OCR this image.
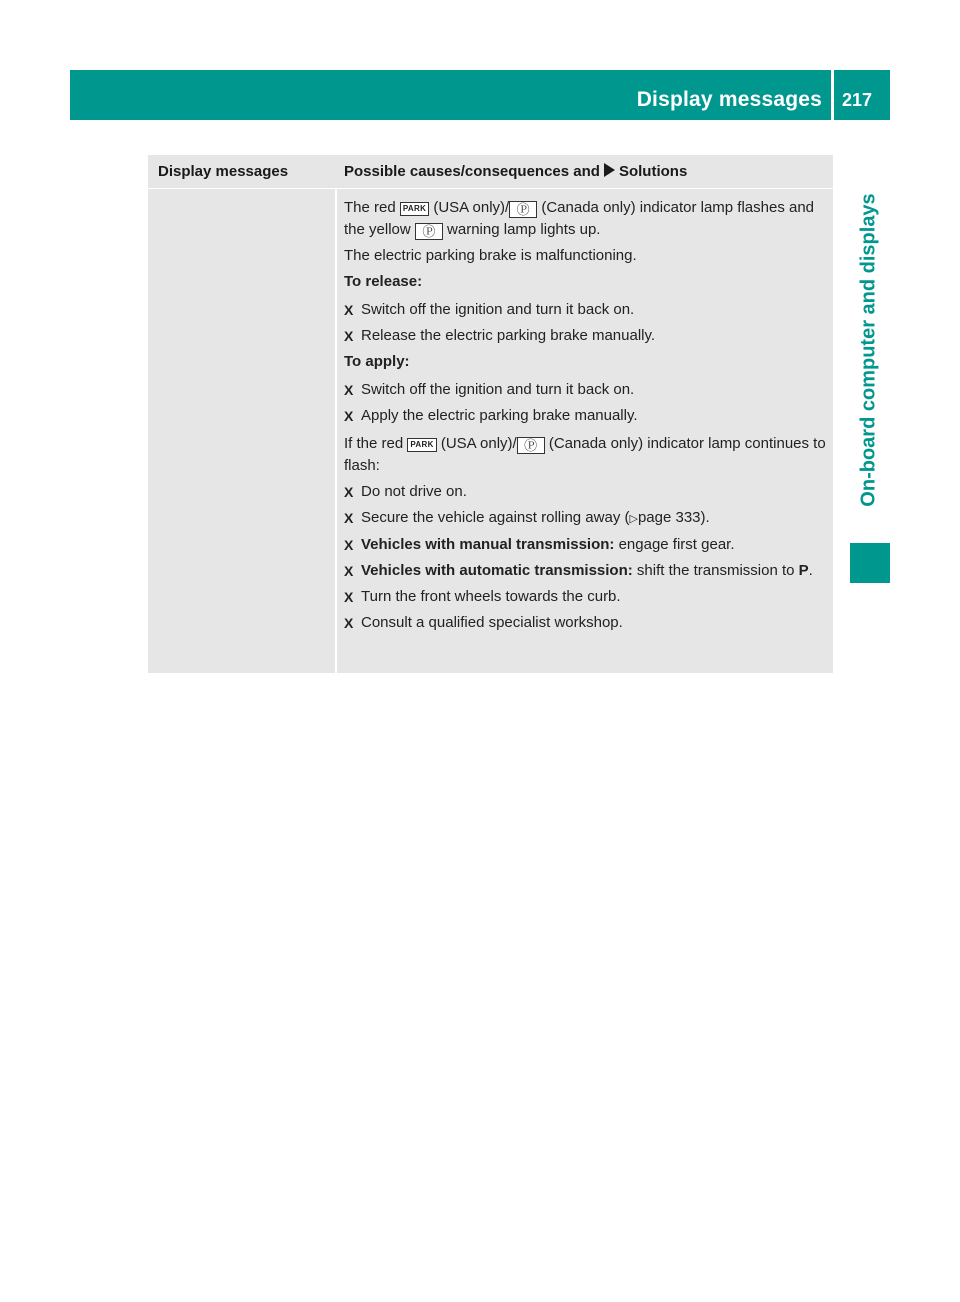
Display messages 217
On-board computer and displays
Display messages	Possible causes/consequences and Solutions

The red PARK (USA only)/ Ⓟ (Canada only) indicator lamp flashes and the yellow Ⓟ warning lamp lights up.

The electric parking brake is malfunctioning.

To release:
X Switch off the ignition and turn it back on.
X Release the electric parking brake manually.
To apply:
X Switch off the ignition and turn it back on.
X Apply the electric parking brake manually.

If the red PARK (USA only)/ Ⓟ (Canada only) indicator lamp continues to flash:

X Do not drive on.
X Secure the vehicle against rolling away (▷page 333).
X Vehicles with manual transmission: engage first gear.
X Vehicles with automatic transmission: shift the transmission to P.
X Turn the front wheels towards the curb.
X Consult a qualified specialist workshop.
